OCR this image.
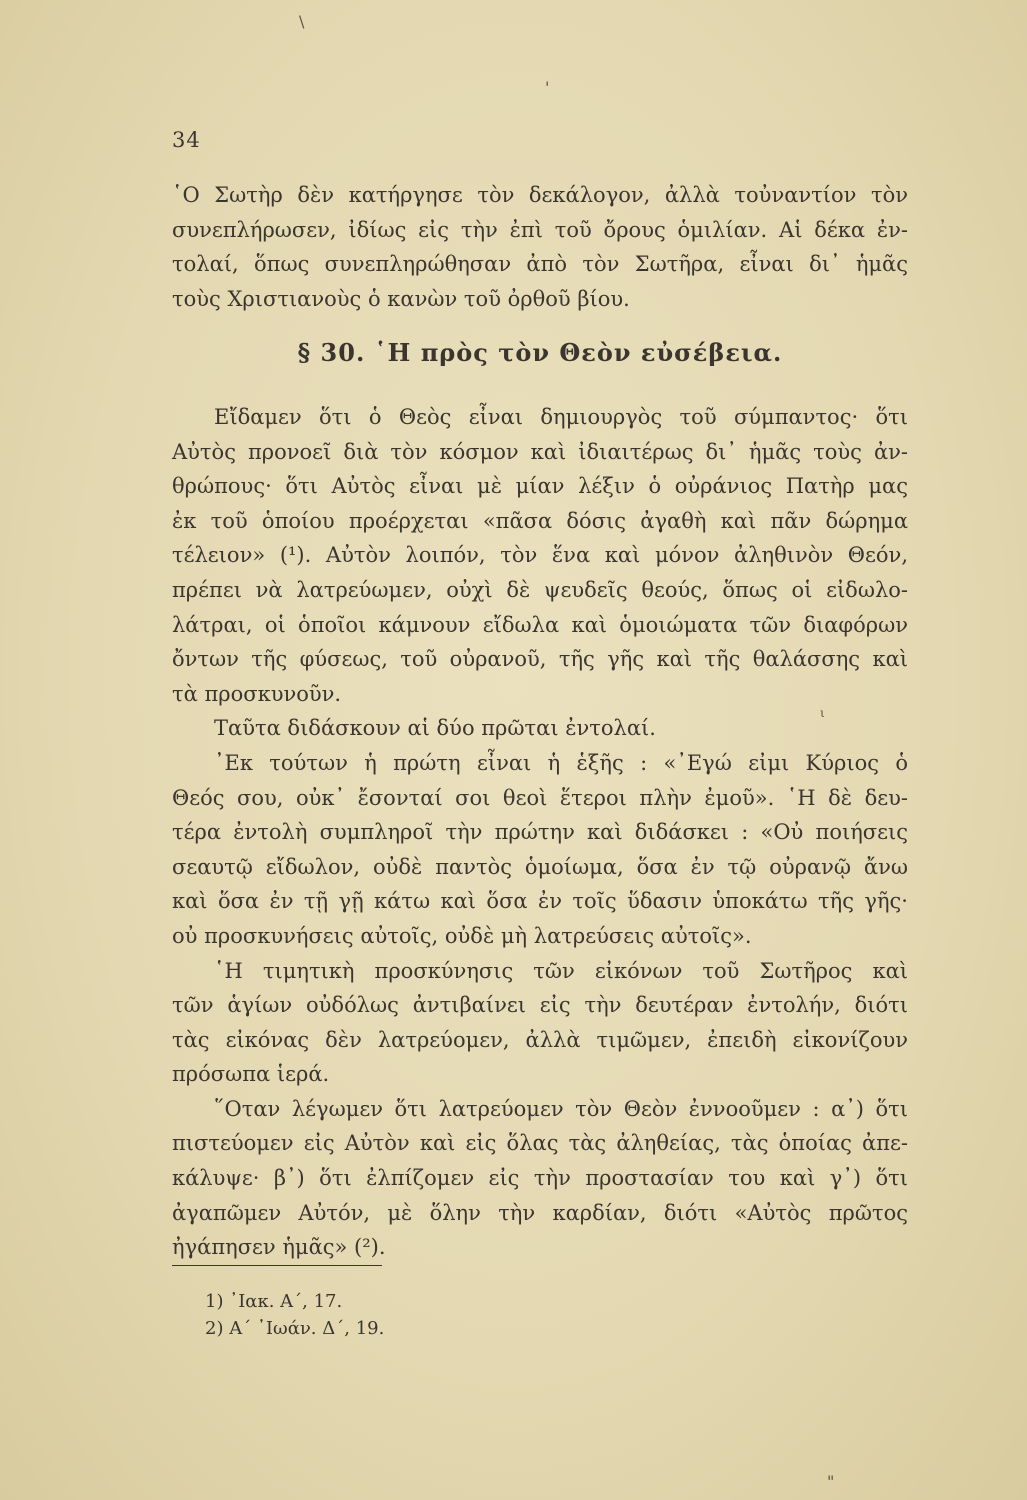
\
'
"
ι
34
῾Ο Σωτὴρ δὲν κατήργησε τὸν δεκάλογον, ἀλλὰ τοὐναντίον τὸν
συνεπλήρωσεν, ἰδίως εἰς τὴν ἐπὶ τοῦ ὄρους ὁμιλίαν. Αἱ δέκα ἐν-
τολαί, ὅπως συνεπληρώθησαν ἀπὸ τὸν Σωτῆρα, εἶναι δι᾿ ἡμᾶς
τοὺς Χριστιανοὺς ὁ κανὼν τοῦ ὀρθοῦ βίου.
§ 30. ῾Η πρὸς τὸν Θεὸν εὐσέβεια.
Εἴδαμεν ὅτι ὁ Θεὸς εἶναι δημιουργὸς τοῦ σύμπαντος· ὅτι
Αὐτὸς προνοεῖ διὰ τὸν κόσμον καὶ ἰδιαιτέρως δι᾿ ἡμᾶς τοὺς ἀν-
θρώπους· ὅτι Αὐτὸς εἶναι μὲ μίαν λέξιν ὁ οὐράνιος Πατὴρ μας
ἐκ τοῦ ὁποίου προέρχεται «πᾶσα δόσις ἀγαθὴ καὶ πᾶν δώρημα
τέλειον» (¹). Αὐτὸν λοιπόν, τὸν ἕνα καὶ μόνον ἀληθινὸν Θεόν,
πρέπει νὰ λατρεύωμεν, οὐχὶ δὲ ψευδεῖς θεούς, ὅπως οἱ εἰδωλο-
λάτραι, οἱ ὁποῖοι κάμνουν εἴδωλα καὶ ὁμοιώματα τῶν διαφόρων
ὄντων τῆς φύσεως, τοῦ οὐρανοῦ, τῆς γῆς καὶ τῆς θαλάσσης καὶ
τὰ προσκυνοῦν.
Ταῦτα διδάσκουν αἱ δύο πρῶται ἐντολαί.
᾿Εκ τούτων ἡ πρώτη εἶναι ἡ ἑξῆς : «᾿Εγώ εἰμι Κύριος ὁ
Θεός σου, οὐκ᾿ ἔσονταί σοι θεοὶ ἕτεροι πλὴν ἐμοῦ». ῾Η δὲ δευ-
τέρα ἐντολὴ συμπληροῖ τὴν πρώτην καὶ διδάσκει : «Οὐ ποιήσεις
σεαυτῷ εἴδωλον, οὐδὲ παντὸς ὁμοίωμα, ὅσα ἐν τῷ οὐρανῷ ἄνω
καὶ ὅσα ἐν τῇ γῇ κάτω καὶ ὅσα ἐν τοῖς ὕδασιν ὑποκάτω τῆς γῆς·
οὐ προσκυνήσεις αὐτοῖς, οὐδὲ μὴ λατρεύσεις αὐτοῖς».
῾Η τιμητικὴ προσκύνησις τῶν εἰκόνων τοῦ Σωτῆρος καὶ
τῶν ἁγίων οὐδόλως ἀντιβαίνει εἰς τὴν δευτέραν ἐντολήν, διότι
τὰς εἰκόνας δὲν λατρεύομεν, ἀλλὰ τιμῶμεν, ἐπειδὴ εἰκονίζουν
πρόσωπα ἱερά.
῞Οταν λέγωμεν ὅτι λατρεύομεν τὸν Θεὸν ἐννοοῦμεν : α᾿) ὅτι
πιστεύομεν εἰς Αὐτὸν καὶ εἰς ὅλας τὰς ἀληθείας, τὰς ὁποίας ἀπε-
κάλυψε· β᾿) ὅτι ἐλπίζομεν εἰς τὴν προστασίαν του καὶ γ᾿) ὅτι
ἀγαπῶμεν Αὐτόν, μὲ ὅλην τὴν καρδίαν, διότι «Αὐτὸς πρῶτος
ἠγάπησεν ἡμᾶς» (²).
1) ᾿Ιακ. Α΄, 17.
2) Α΄ ᾿Ιωάν. Δ΄, 19.
